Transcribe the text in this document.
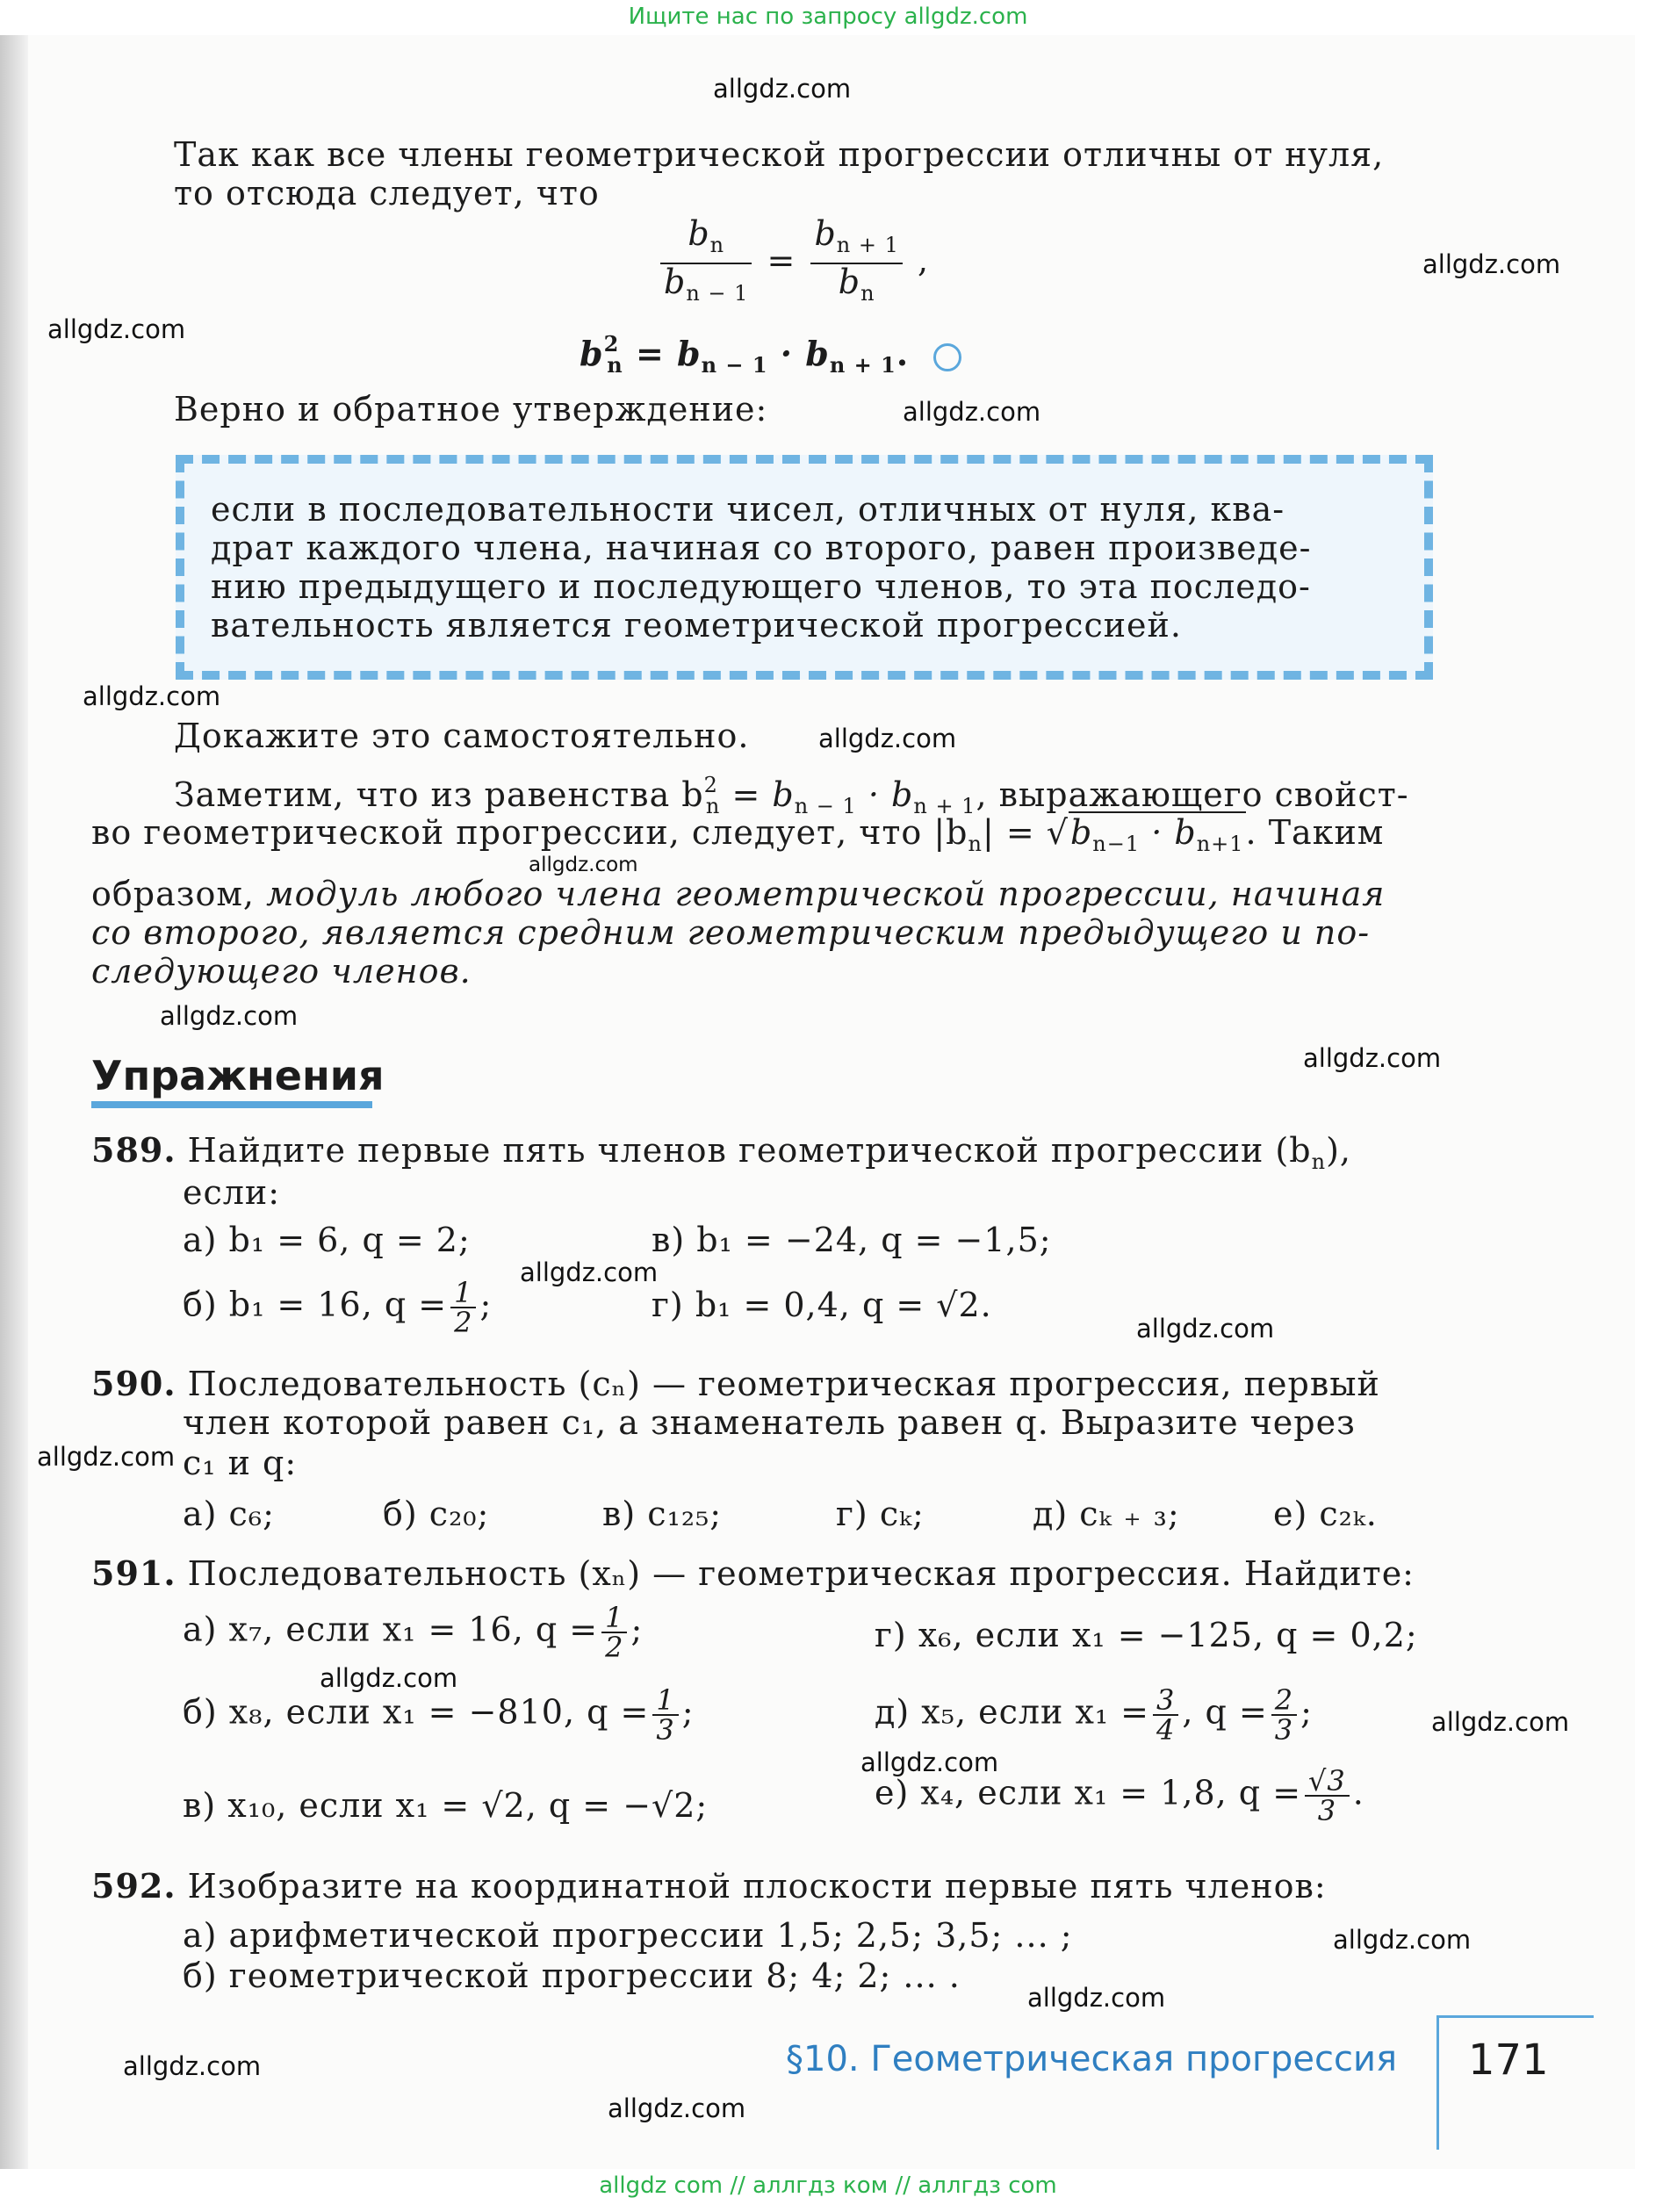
Ищите нас по запросу allgdz.com
allgdz.com
allgdz.com
allgdz.com
allgdz.com
allgdz.com
allgdz.com
allgdz.com
allgdz.com
allgdz.com
allgdz.com
allgdz.com
allgdz.com
allgdz.com
allgdz.com
allgdz.com
allgdz.com
allgdz.com
allgdz.com
allgdz.com
Так как все члены геометрической прогрессии отличны от нуля,
то отсюда следует, что
$\frac{b_n}{b_{n - 1}} = \frac{b_{n + 1}}{b_n}$ ,
$b^2_n = b_{n - 1} \cdot b_{n + 1}$.
Верно и обратное утверждение:
если в последовательности чисел, отличных от нуля, ква-
драт каждого члена, начиная со второго, равен произведе-
нию предыдущего и последующего членов, то эта последо-
вательность является геометрической прогрессией.
Докажите это самостоятельно.
Заметим, что из равенства $b^2_n = b_{n - 1} \cdot b_{n + 1}$, выражающего свойст-
во геометрической прогрессии, следует, что $|b_n| = √b_{n-1} \cdot b_{n+1}$. Таким
образом, модуль любого члена геометрической прогрессии, начиная
со второго, является средним геометрическим предыдущего и по-
следующего членов.
Упражнения
589. Найдите первые пять членов геометрической прогрессии $(b_n)$,
если:
а) b₁ = 6, q = 2;	в) b₁ = −24, q = −1,5;
б) b₁ = 16, $q = \frac{1}{2}$ ;	г) b₁ = 0,4, q = √2.
590. Последовательность (cₙ) — геометрическая прогрессия, первый
член которой равен c₁, а знаменатель равен q. Выразите через
c₁ и q:
а) c₆;	б) c₂₀;	в) c₁₂₅;	г) cₖ;	д) cₖ ₊ ₃;	е) c₂ₖ.
591. Последовательность (xₙ) — геометрическая прогрессия. Найдите:
а) x₇, если x₁ = 16, $q = \frac{1}{2}$ ;	г) x₆, если x₁ = −125, q = 0,2;
б) x₈, если x₁ = −810, $q = \frac{1}{3}$ ;	д) x₅, если $x_1 = \frac{3}{4}$ , $q = \frac{2}{3}$ ;
в) x₁₀, если x₁ = √2, q = −√2;	е) x₄, если x₁ = 1,8, $q = \frac{√3}{3}$ .
592. Изобразите на координатной плоскости первые пять членов:
а) арифметической прогрессии 1,5; 2,5; 3,5; ... ;
б) геометрической прогрессии 8; 4; 2; ... .
§10. Геометрическая прогрессия 171
allgdz com // аллгдз ком // аллгдз com
